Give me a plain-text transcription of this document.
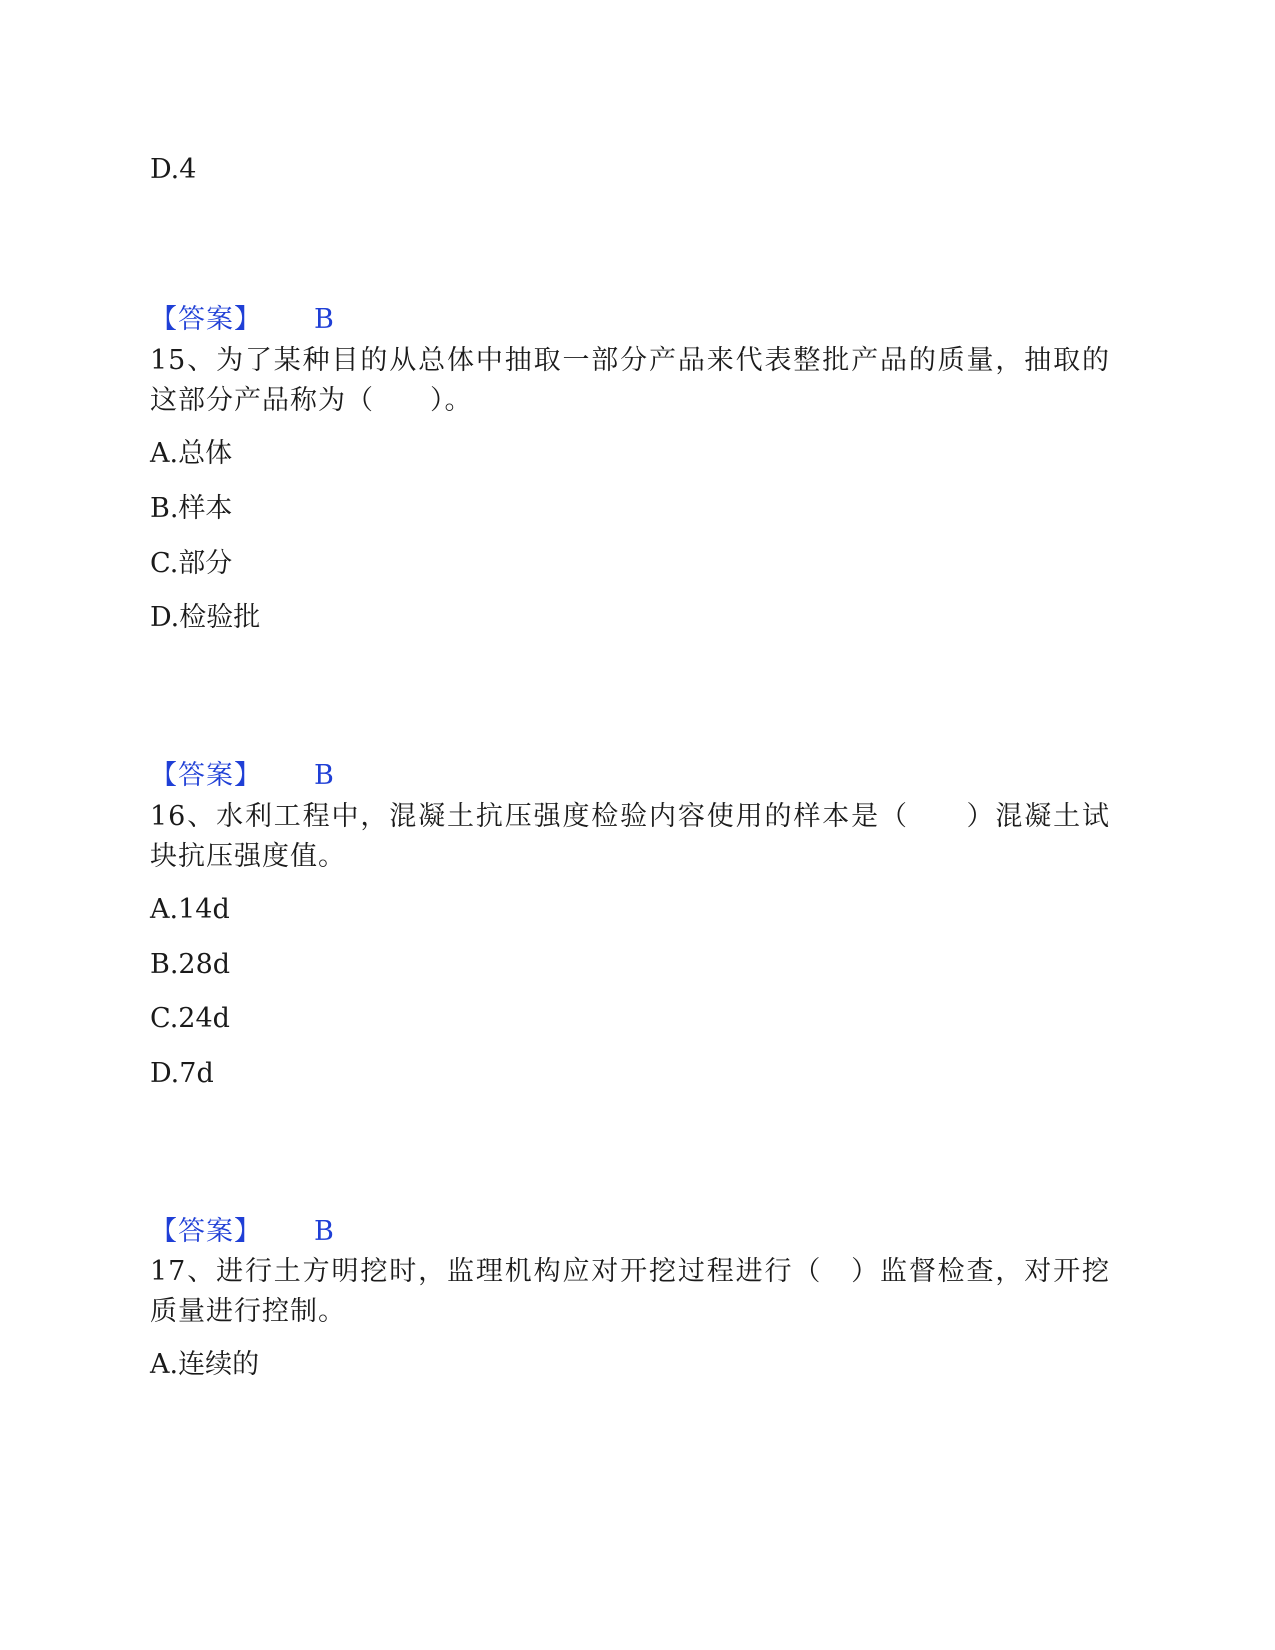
D.4
【答案】 B
15、为了某种目的从总体中抽取一部分产品来代表整批产品的质量，抽取的这部分产品称为（　　）。
A.总体
B.样本
C.部分
D.检验批
【答案】 B
16、水利工程中，混凝土抗压强度检验内容使用的样本是（　　）混凝土试块抗压强度值。
A.14d
B.28d
C.24d
D.7d
【答案】 B
17、进行土方明挖时，监理机构应对开挖过程进行（　）监督检查，对开挖质量进行控制。
A.连续的
